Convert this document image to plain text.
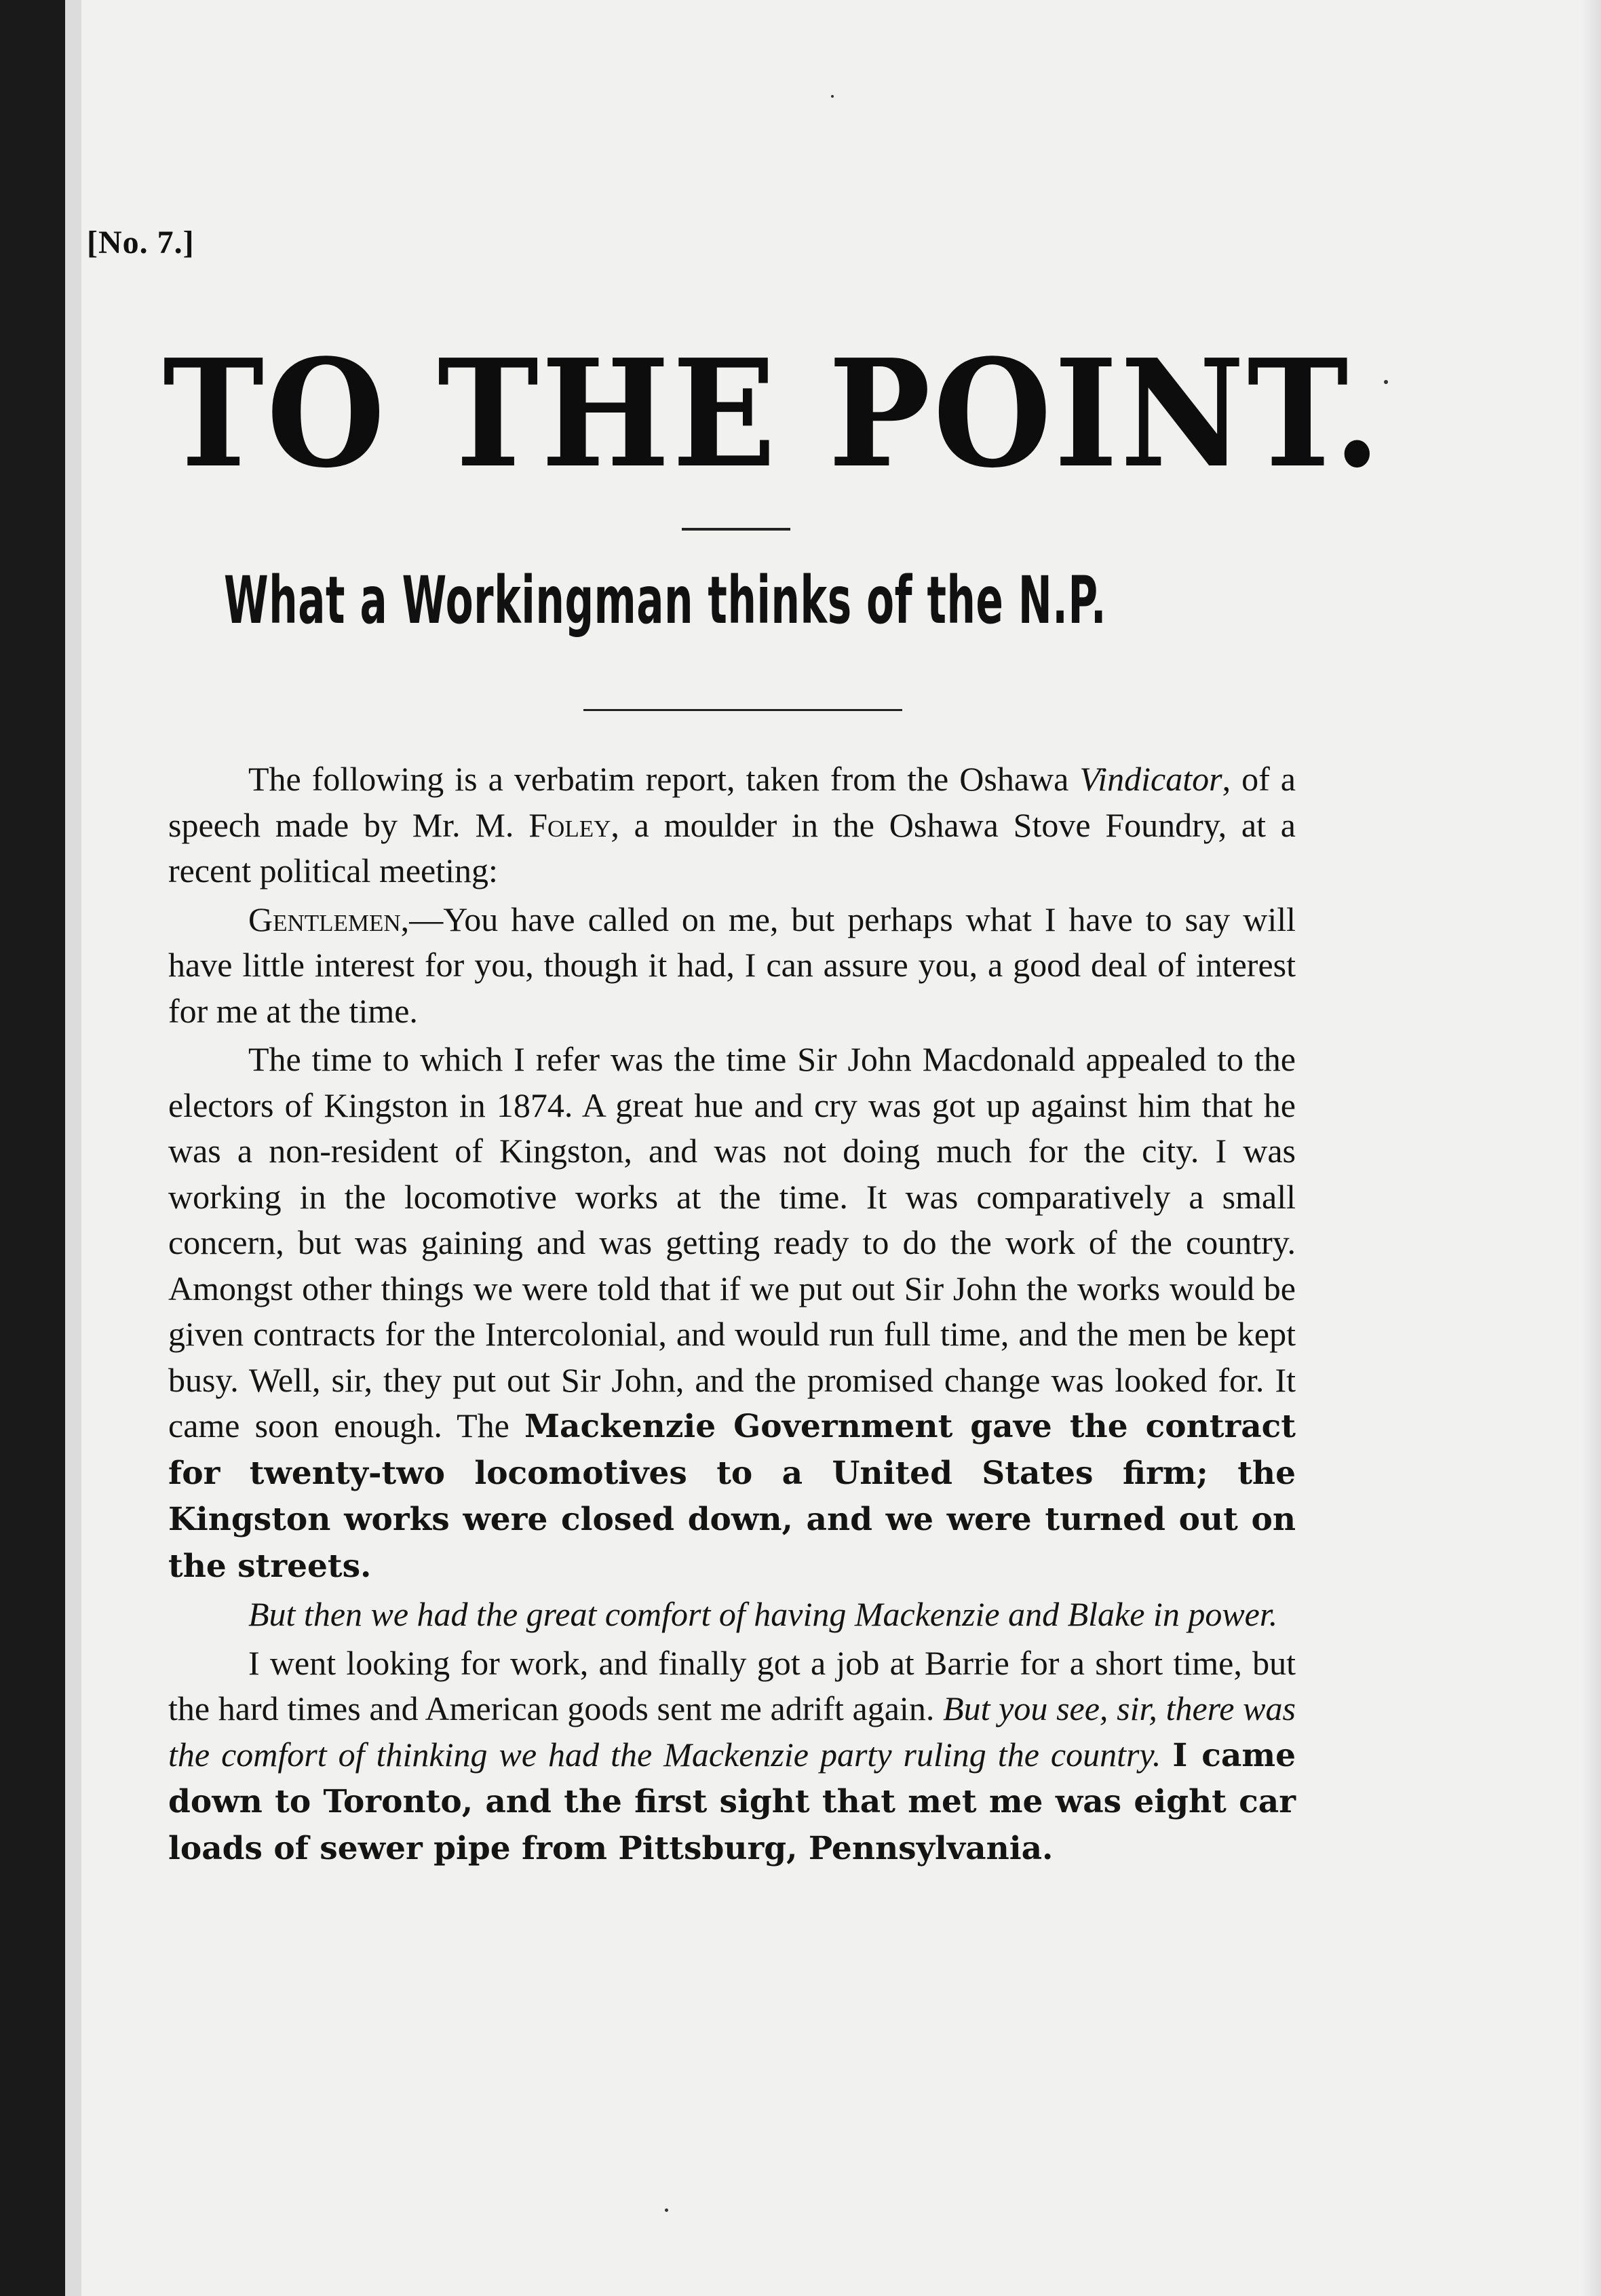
[No. 7.]
TO THE POINT.
What a Workingman thinks of the N.P.

The following is a verbatim report, taken from the Oshawa Vindicator, of a speech made by Mr. M. Foley, a moulder in the Oshawa Stove Foundry, at a recent political meeting:

Gentlemen,—You have called on me, but perhaps what I have to say will have little interest for you, though it had, I can assure you, a good deal of interest for me at the time.

The time to which I refer was the time Sir John Macdonald appealed to the electors of Kingston in 1874. A great hue and cry was got up against him that he was a non-resident of Kingston, and was not doing much for the city. I was working in the locomotive works at the time. It was comparatively a small concern, but was gaining and was getting ready to do the work of the country. Amongst other things we were told that if we put out Sir John the works would be given contracts for the Intercolonial, and would run full time, and the men be kept busy. Well, sir, they put out Sir John, and the promised change was looked for. It came soon enough. The Mackenzie Government gave the contract for twenty-two locomotives to a United States firm; the Kingston works were closed down, and we were turned out on the streets.

But then we had the great comfort of having Mackenzie and Blake in power.

I went looking for work, and finally got a job at Barrie for a short time, but the hard times and American goods sent me adrift again. But you see, sir, there was the comfort of thinking we had the Mackenzie party ruling the country. I came down to Toronto, and the first sight that met me was eight car loads of sewer pipe from Pittsburg, Pennsylvania.
